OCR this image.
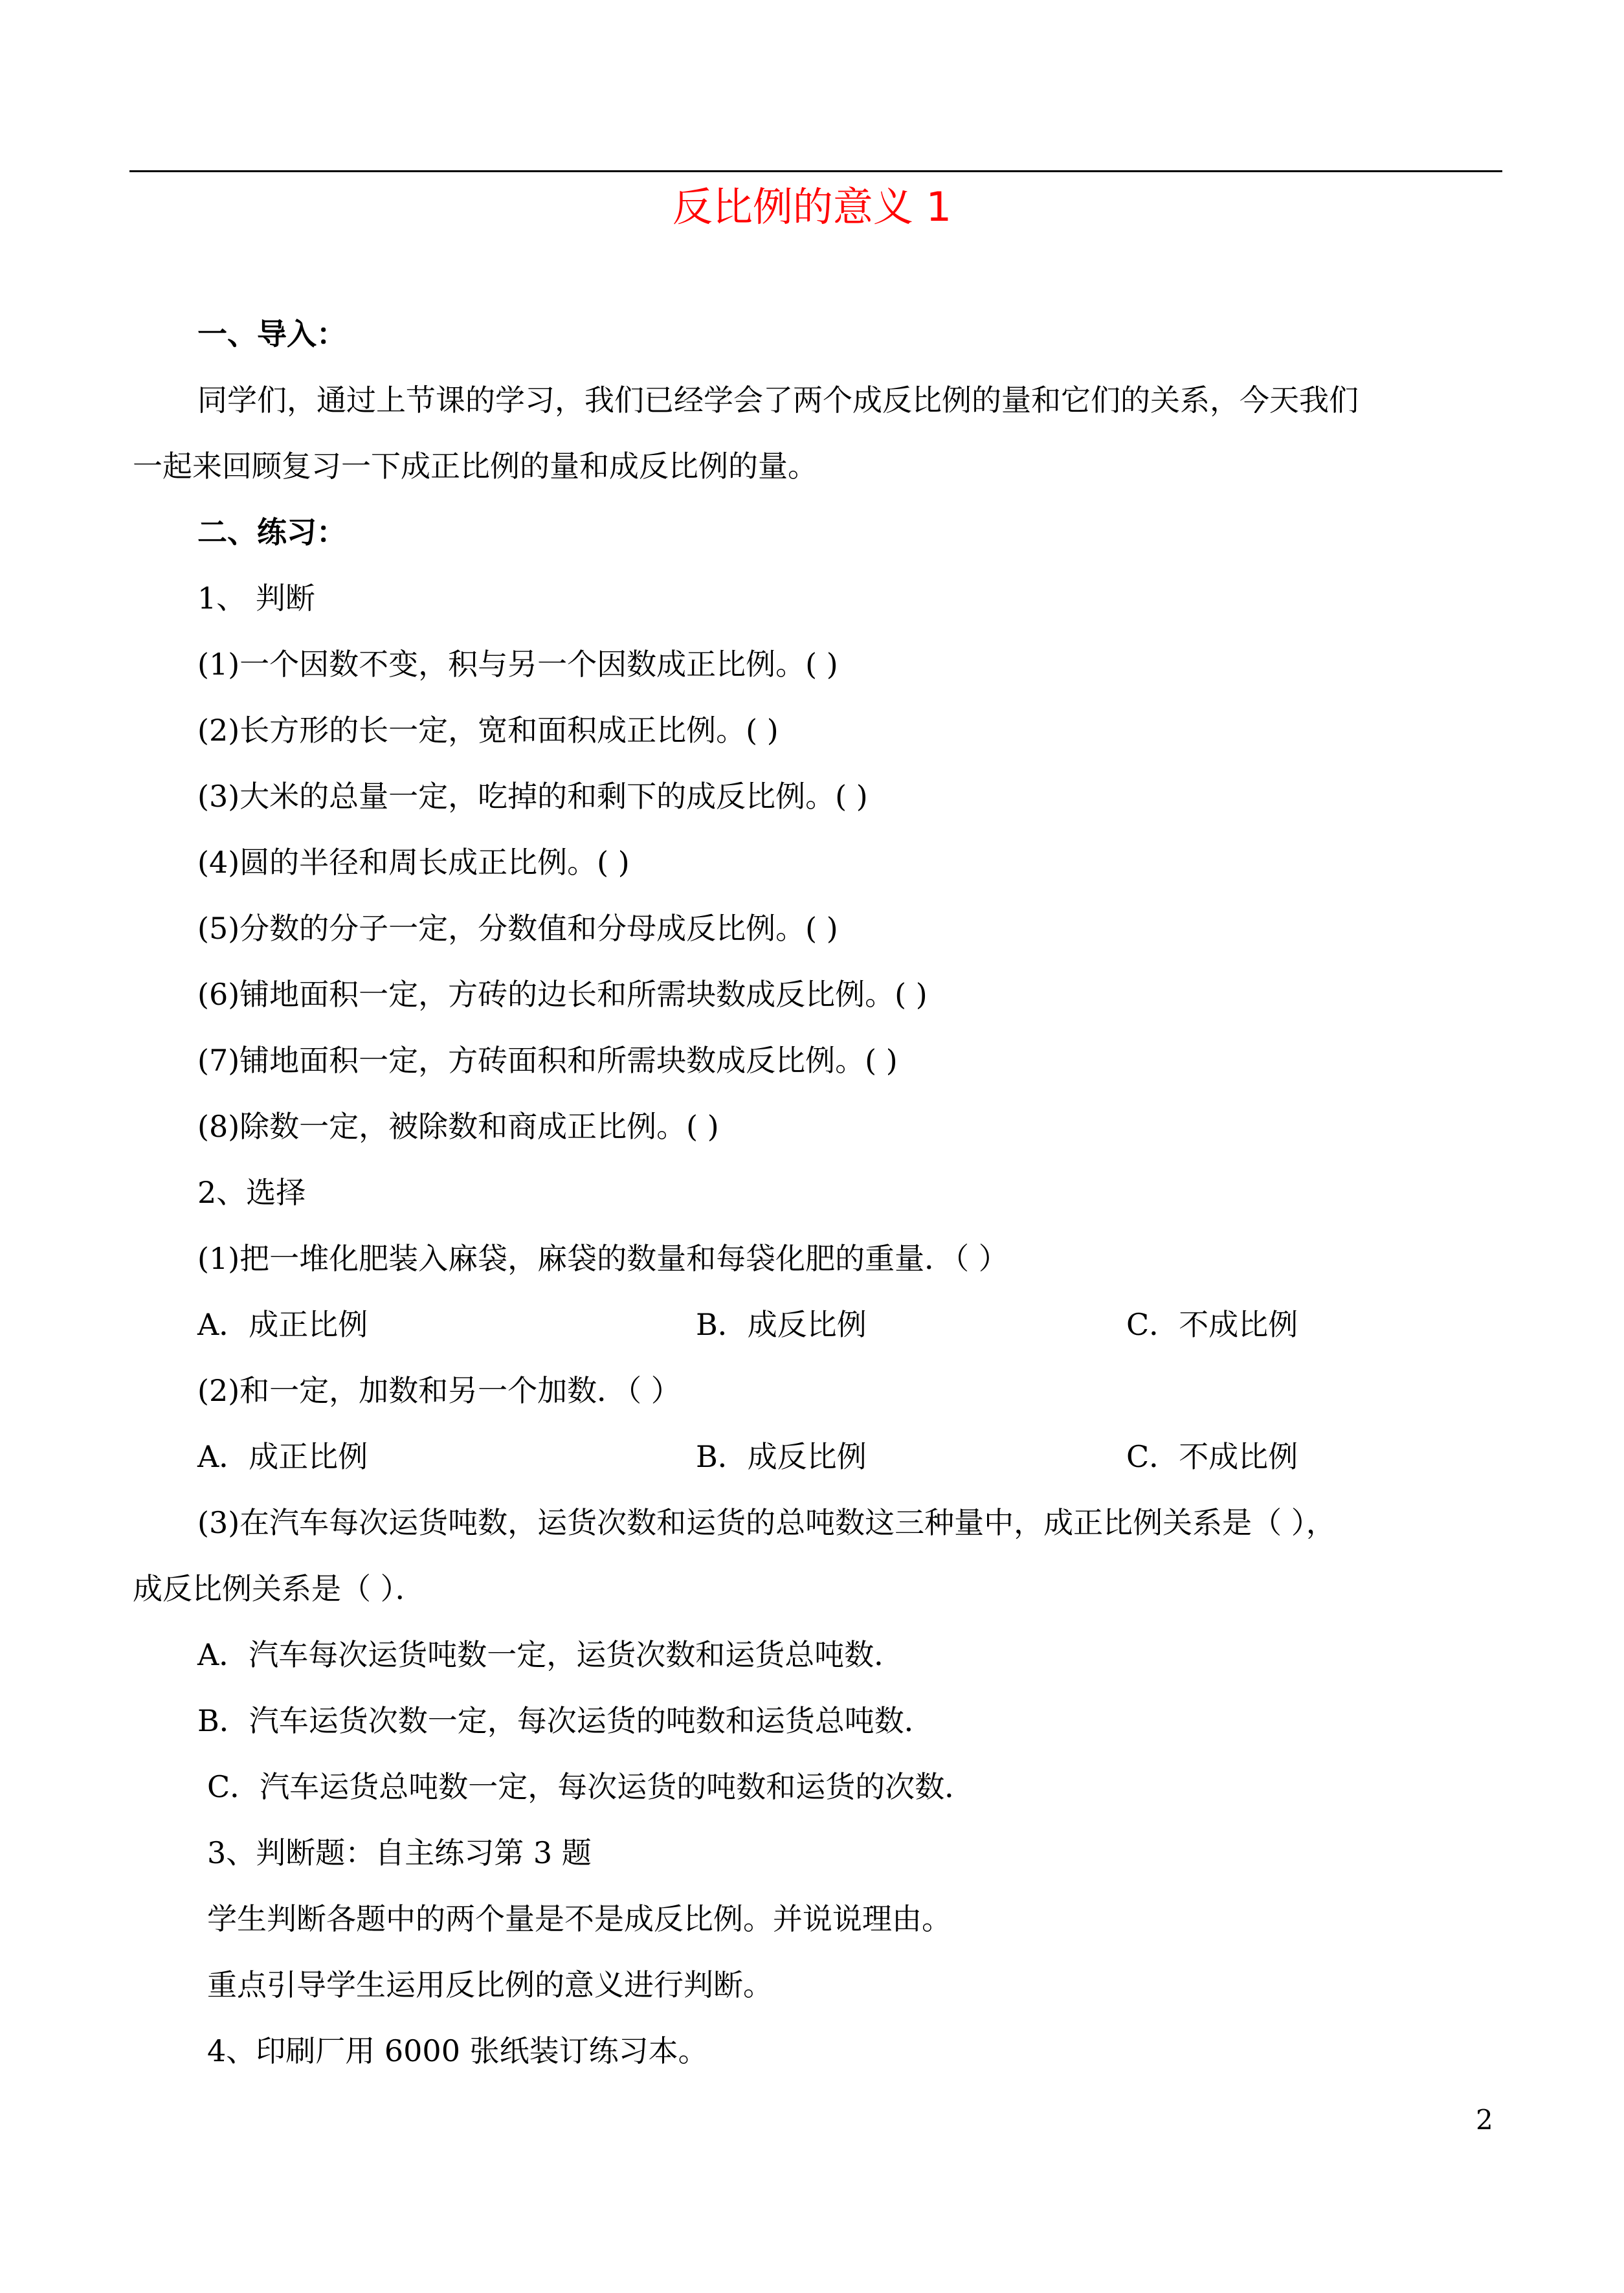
反比例的意义 1
一、导入：
同学们，通过上节课的学习，我们已经学会了两个成反比例的量和它们的关系，今天我们
一起来回顾复习一下成正比例的量和成反比例的量。
二、练习：
1、 判断
(1)一个因数不变，积与另一个因数成正比例。( )
(2)长方形的长一定，宽和面积成正比例。( )
(3)大米的总量一定，吃掉的和剩下的成反比例。( )
(4)圆的半径和周长成正比例。( )
(5)分数的分子一定，分数值和分母成反比例。( )
(6)铺地面积一定，方砖的边长和所需块数成反比例。( )
(7)铺地面积一定，方砖面积和所需块数成反比例。( )
(8)除数一定，被除数和商成正比例。( )
2、选择
(1)把一堆化肥装入麻袋，麻袋的数量和每袋化肥的重量．（ ）
A．成正比例	B．成反比例	C．不成比例
(2)和一定，加数和另一个加数．（ ）
A．成正比例	B．成反比例	C．不成比例
(3)在汽车每次运货吨数，运货次数和运货的总吨数这三种量中，成正比例关系是（ ），
成反比例关系是（ ）．
A．汽车每次运货吨数一定，运货次数和运货总吨数．
B．汽车运货次数一定，每次运货的吨数和运货总吨数．
C．汽车运货总吨数一定，每次运货的吨数和运货的次数．
3、判断题：自主练习第 3 题
学生判断各题中的两个量是不是成反比例。并说说理由。
重点引导学生运用反比例的意义进行判断。
4、印刷厂用 6000 张纸装订练习本。
2
